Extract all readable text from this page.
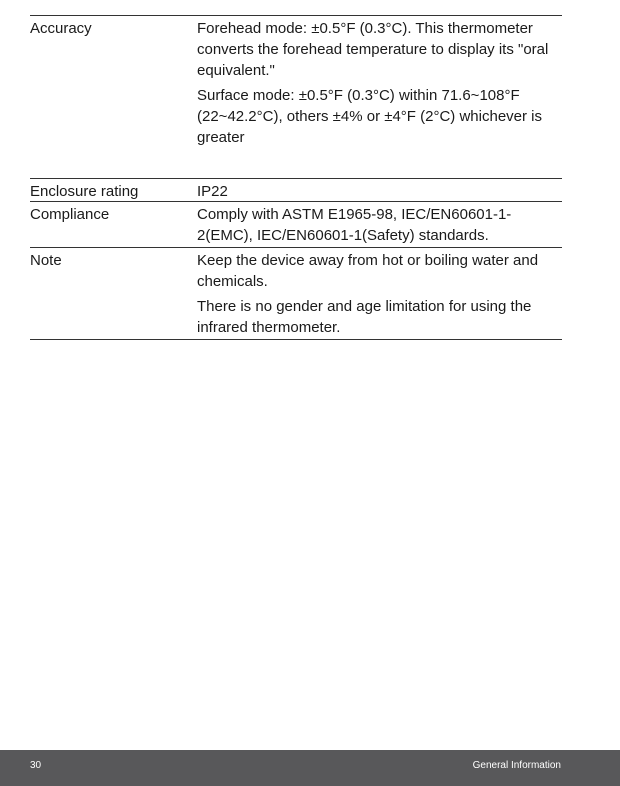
Accuracy	Forehead mode: ±0.5°F (0.3°C). This thermometer converts the forehead temperature to display its "oral equivalent."

Surface mode: ±0.5°F (0.3°C) within 71.6~108°F (22~42.2°C), others ±4% or ±4°F (2°C) whichever is greater

Enclosure rating	IP22

Compliance	Comply with ASTM E1965-98, IEC/EN60601-1-2(EMC), IEC/EN60601-1(Safety) standards.

Note	Keep the device away from hot or boiling water and chemicals.

There is no gender and age limitation for using the infrared thermometer.

30	General Information
